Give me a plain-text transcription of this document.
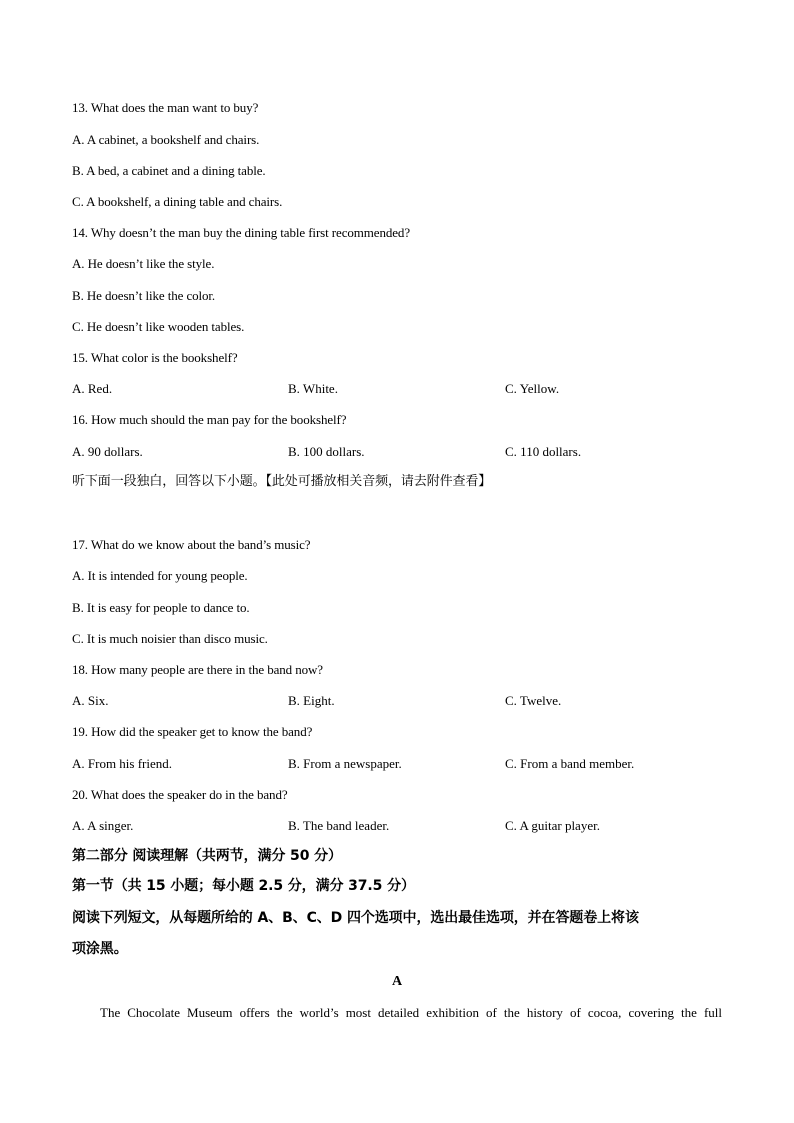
13. What does the man want to buy?
A. A cabinet, a bookshelf and chairs.
B. A bed, a cabinet and a dining table.
C. A bookshelf, a dining table and chairs.
14. Why doesn’t the man buy the dining table first recommended?
A. He doesn’t like the style.
B. He doesn’t like the color.
C. He doesn’t like wooden tables.
15. What color is the bookshelf?
A. Red.	B. White.	C. Yellow.
16. How much should the man pay for the bookshelf?
A. 90 dollars.	B. 100 dollars.	C. 110 dollars.
听下面一段独白，回答以下小题。【此处可播放相关音频，请去附件查看】
17. What do we know about the band’s music?
A. It is intended for young people.
B. It is easy for people to dance to.
C. It is much noisier than disco music.
18. How many people are there in the band now?
A. Six.	B. Eight.	C. Twelve.
19. How did the speaker get to know the band?
A. From his friend.	B. From a newspaper.	C. From a band member.
20. What does the speaker do in the band?
A. A singer.	B. The band leader.	C. A guitar player.
第二部分 阅读理解（共两节，满分 50 分）
第一节（共 15 小题；每小题 2.5 分，满分 37.5 分）
阅读下列短文，从每题所给的 A、B、C、D 四个选项中，选出最佳选项，并在答题卷上将该
项涂黑。
A
The Chocolate Museum offers the world’s most detailed exhibition of the history of cocoa, covering the full
